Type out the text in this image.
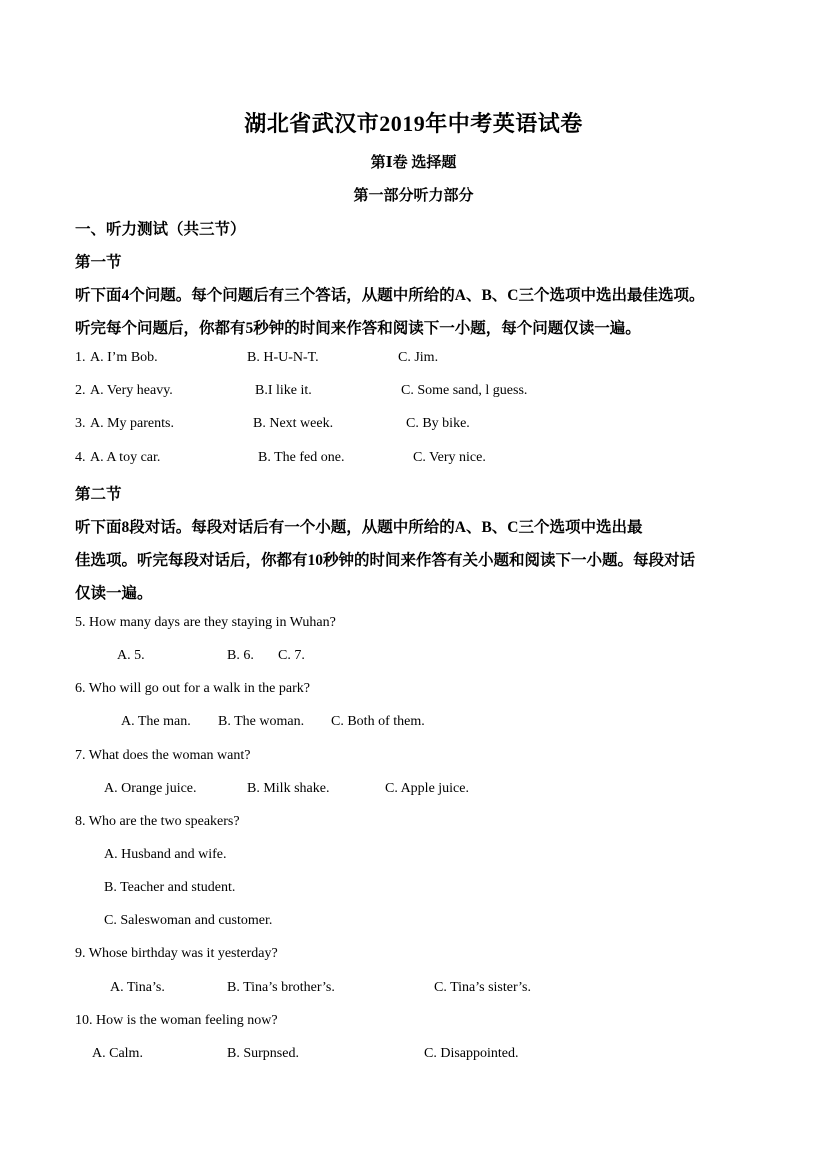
湖北省武汉市2019年中考英语试卷
第Ⅰ卷 选择题
第一部分听力部分
一、听力测试（共三节）
第一节
听下面4个问题。每个问题后有三个答话，从题中所给的A、B、C三个选项中选出最佳选项。
听完每个问题后，你都有5秒钟的时间来作答和阅读下一小题，每个问题仅读一遍。
1. A. I’m Bob.	B. H-U-N-T.	C. Jim.
2. A. Very heavy.	B.I like it.	C. Some sand, l guess.
3. A. My parents.	B. Next week.	C. By bike.
4. A. A toy car.	B. The fed one.	C. Very nice.
第二节
听下面8段对话。每段对话后有一个小题，从题中所给的A、B、C三个选项中选出最
佳选项。听完每段对话后，你都有10秒钟的时间来作答有关小题和阅读下一小题。每段对话
仅读一遍。
5. How many days are they staying in Wuhan?
A. 5.	B. 6. C. 7.
6. Who will go out for a walk in the park?
A. The man. B. The woman. C. Both of them.
7. What does the woman want?
A. Orange juice.	B. Milk shake.	C. Apple juice.
8. Who are the two speakers?
A. Husband and wife.
B. Teacher and student.
C. Saleswoman and customer.
9. Whose birthday was it yesterday?
A. Tina’s.	B. Tina’s brother’s.	C. Tina’s sister’s.
10. How is the woman feeling now?
A. Calm.	B. Surpnsed.	C. Disappointed.
